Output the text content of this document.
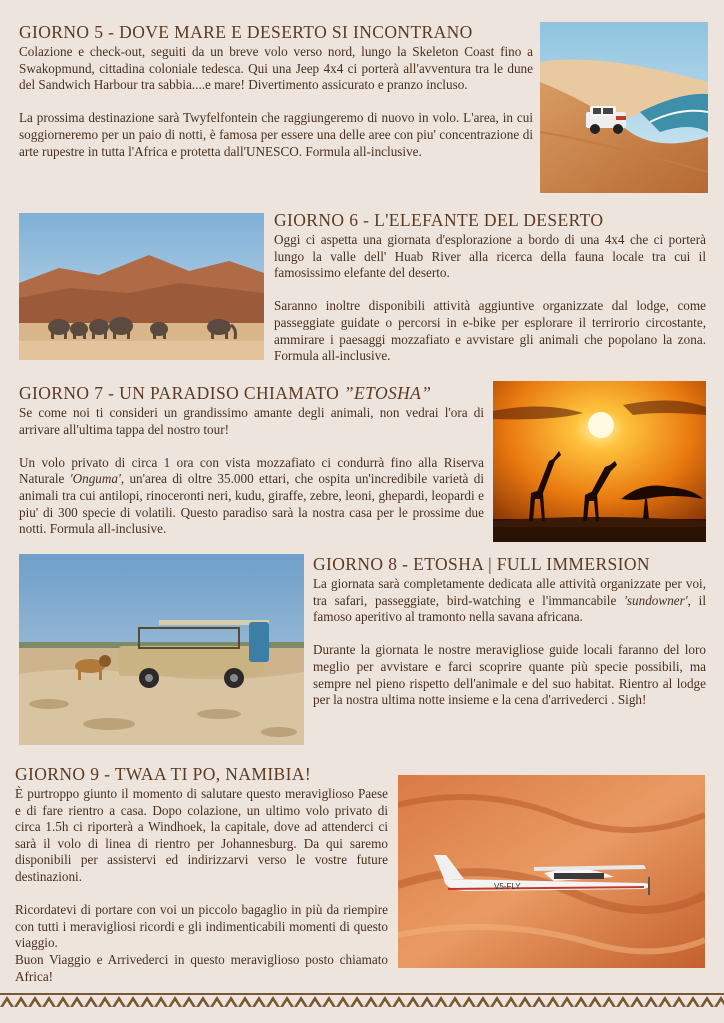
GIORNO 5 - DOVE MARE E DESERTO SI INCONTRANO

Colazione e check-out, seguiti da un breve volo verso nord, lungo la Skeleton Coast fino a Swakopmund, cittadina coloniale tedesca. Qui una Jeep 4x4 ci porterà all'avventura tra le dune del Sandwich Harbour tra sabbia....e mare! Divertimento assicurato e pranzo incluso.

La prossima destinazione sarà Twyfelfontein che raggiungeremo di nuovo in volo. L'area, in cui soggiorneremo per un paio di notti, è famosa per essere una delle aree con piu' concentrazione di arte rupestre in tutta l'Africa e protetta dall'UNESCO. Formula all-inclusive.

GIORNO 6 - L'ELEFANTE DEL DESERTO

Oggi ci aspetta una giornata d'esplorazione a bordo di una 4x4 che ci porterà lungo la valle dell' Huab River alla ricerca della fauna locale tra cui il famosissimo elefante del deserto.

Saranno inoltre disponibili attività aggiuntive organizzate dal lodge, come passeggiate guidate o percorsi in e-bike per esplorare il terrirorio circostante, ammirare i paesaggi mozzafiato e avvistare gli animali che popolano la zona. Formula all-inclusive.

GIORNO 7 - UN PARADISO CHIAMATO ”ETOSHA”

Se come noi ti consideri un grandissimo amante degli animali, non vedrai l'ora di arrivare all'ultima tappa del nostro tour!

Un volo privato di circa 1 ora con vista mozzafiato ci condurrà fino alla Riserva Naturale 'Onguma', un'area di oltre 35.000 ettari, che ospita un'incredibile varietà di animali tra cui antilopi, rinoceronti neri, kudu, giraffe, zebre, leoni, ghepardi, leopardi e piu' di 300 specie di volatili. Questo paradiso sarà la nostra casa per le prossime due notti. Formula all-inclusive.

GIORNO 8 - ETOSHA | FULL IMMERSION

La giornata sarà completamente dedicata alle attività organizzate per voi, tra safari, passeggiate, bird-watching e l'immancabile 'sundowner', il famoso aperitivo al tramonto nella savana africana.

Durante la giornata le nostre meravigliose guide locali faranno del loro meglio per avvistare e farci scoprire quante più specie possibili, ma sempre nel pieno rispetto dell'animale e del suo habitat. Rientro al lodge per la nostra ultima notte insieme e la cena d'arrivederci . Sigh!

GIORNO 9 - TWAA TI PO, NAMIBIA!

È purtroppo giunto il momento di salutare questo meraviglioso Paese e di fare rientro a casa. Dopo colazione, un ultimo volo privato di circa 1.5h ci riporterà a Windhoek, la capitale, dove ad attenderci ci sarà il volo di linea di rientro per Johannesburg. Da qui saremo disponibili per assistervi ed indirizzarvi verso le vostre future destinazioni.

Ricordatevi di portare con voi un piccolo bagaglio in più da riempire con tutti i meravigliosi ricordi e gli indimenticabili momenti di questo viaggio.

Buon Viaggio e Arrivederci in questo meraviglioso posto chiamato Africa!

V5-FLY
